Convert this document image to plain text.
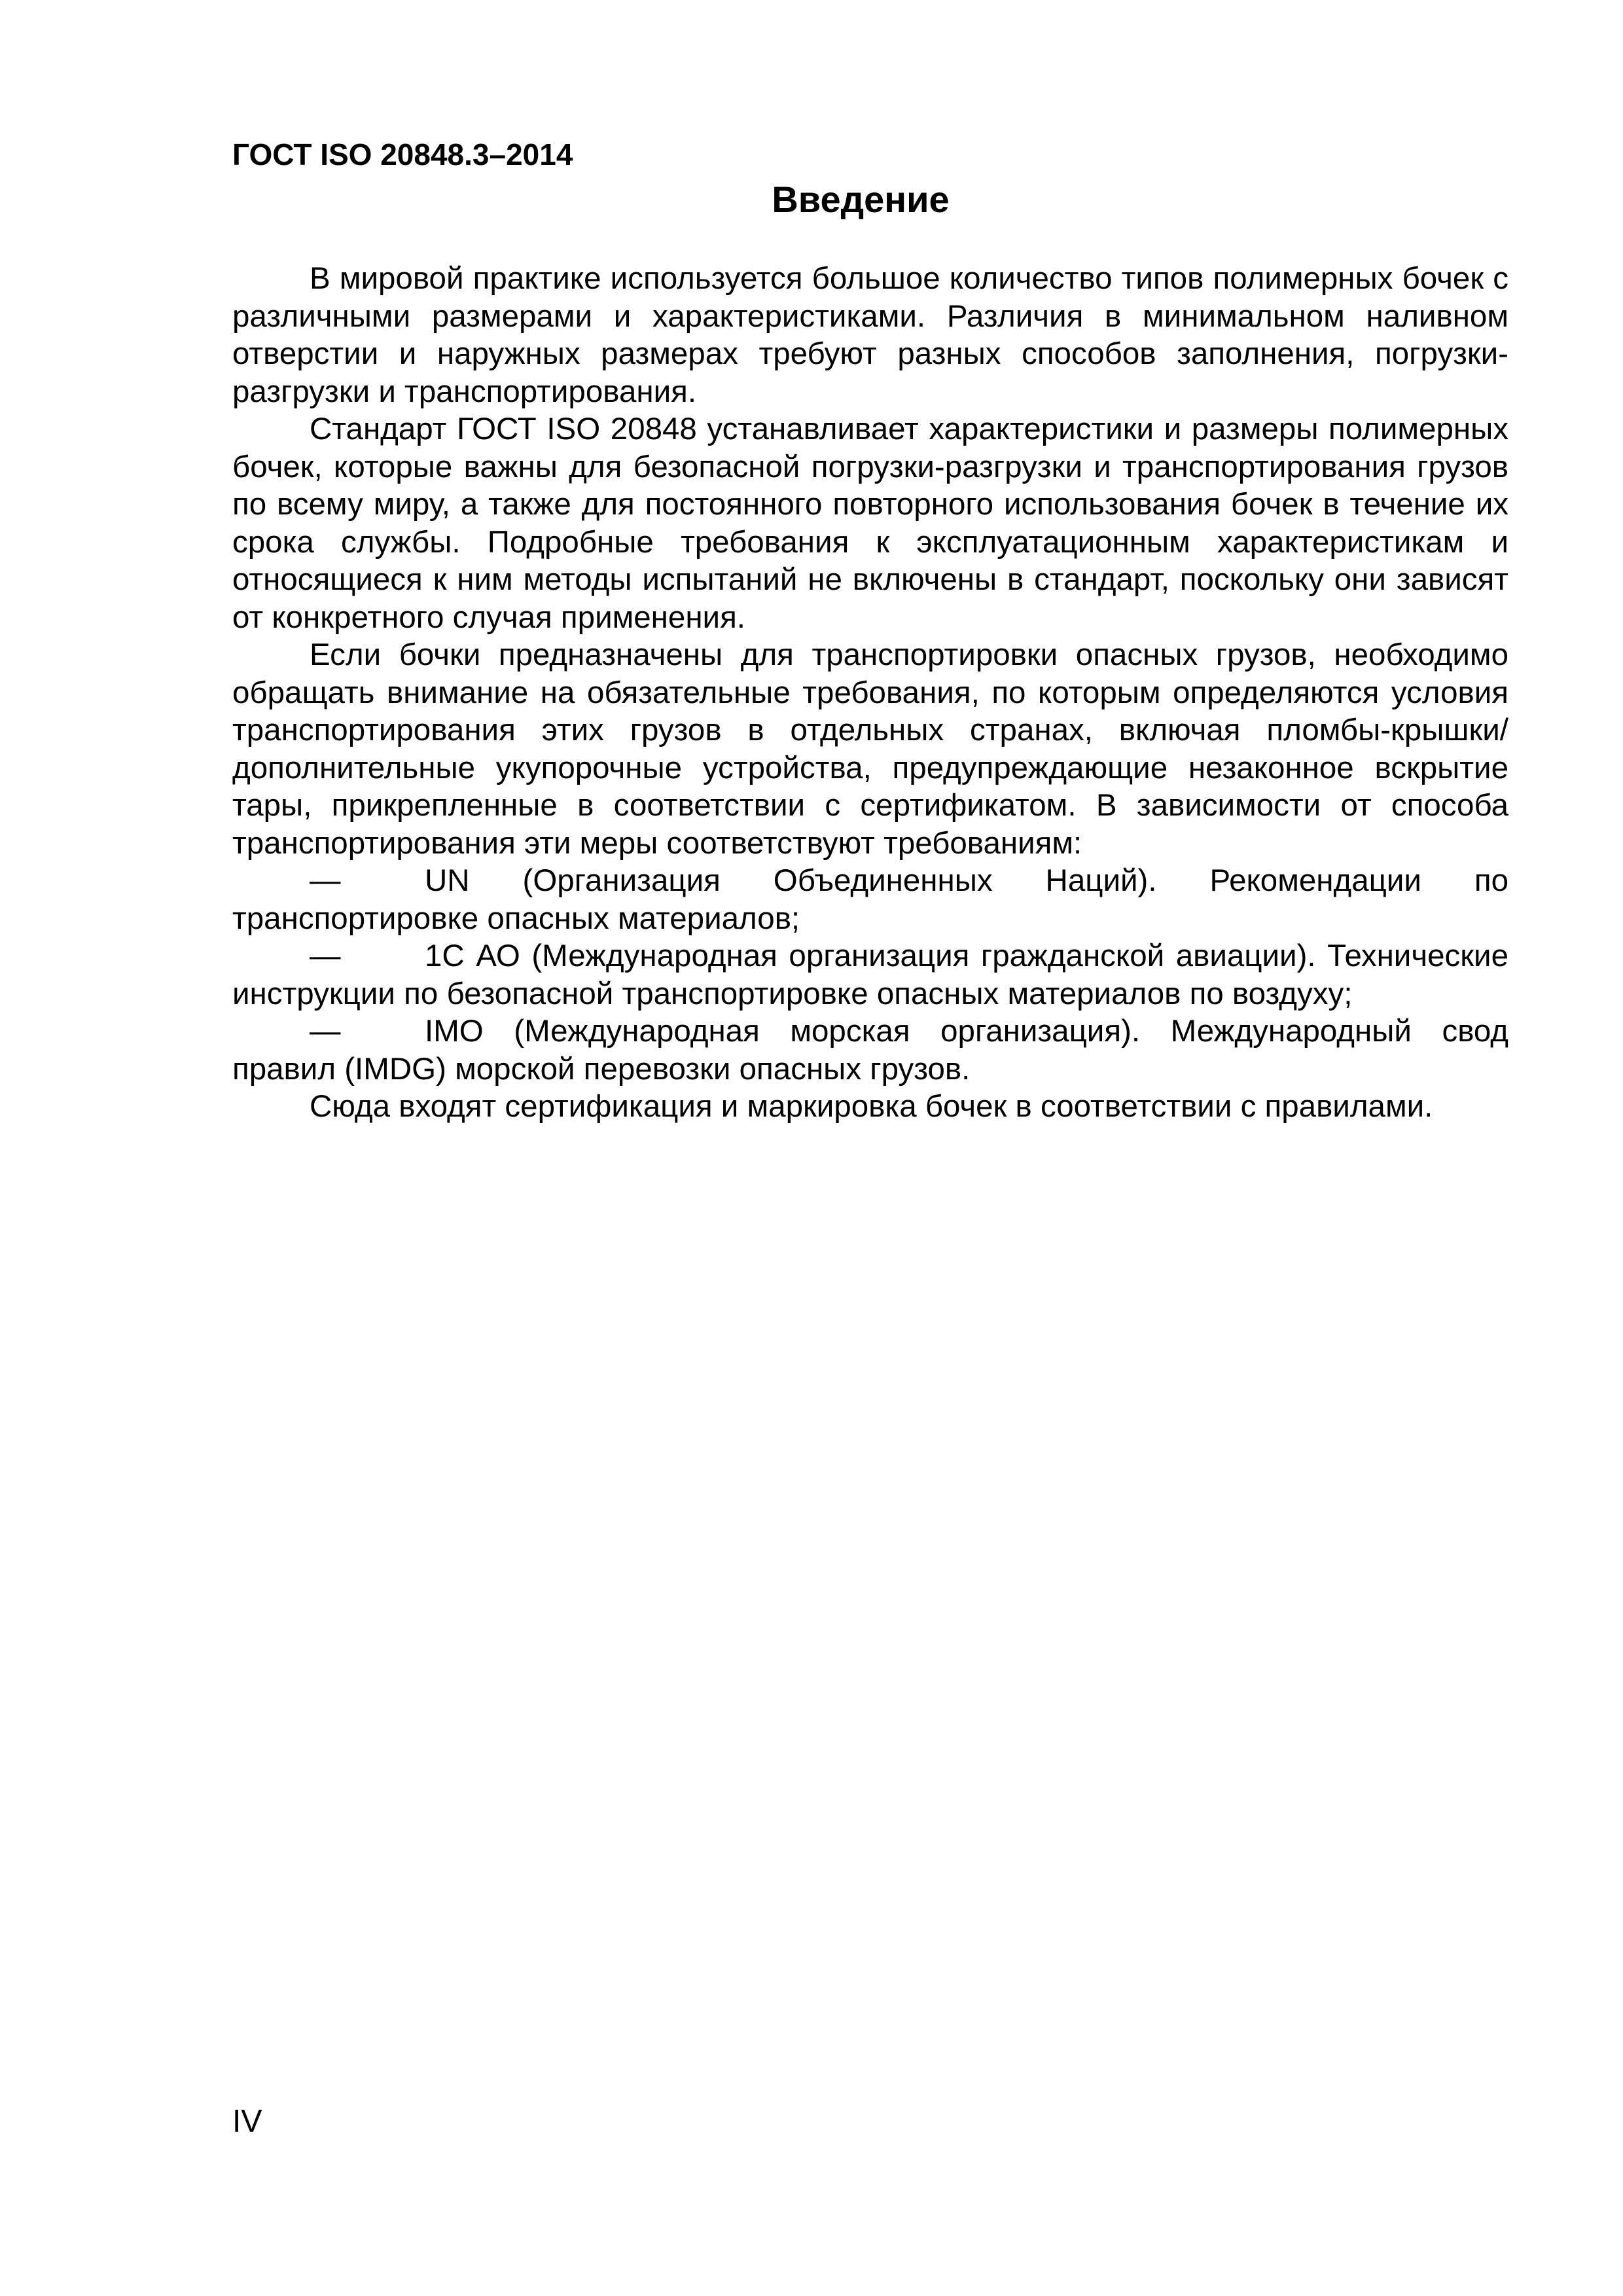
ГОСТ ISO 20848.3–2014
Введение

В мировой практике используется большое количество типов полимерных бочек с различными размерами и характеристиками. Различия в минимальном наливном отверстии и наружных размерах требуют разных способов заполнения, погрузки-разгрузки и транспортирования.

Стандарт ГОСТ ISO 20848 устанавливает характеристики и размеры полимерных бочек, которые важны для безопасной погрузки-разгрузки и транспортирования грузов по всему миру, а также для постоянного повторного использования бочек в течение их срока службы. Подробные требования к эксплуатационным характеристикам и относящиеся к ним методы испытаний не включены в стандарт, поскольку они зависят от конкретного случая применения.

Если бочки предназначены для транспортировки опасных грузов, необходимо обращать внимание на обязательные требования, по которым определяются условия транспортирования этих грузов в отдельных странах, включая пломбы-крышки/дополнительные укупорочные устройства, предупреждающие незаконное вскрытие тары, прикрепленные в соответствии с сертификатом. В зависимости от способа транспортирования эти меры соответствуют требованиям:

—	UN (Организация Объединенных Наций). Рекомендации по транспортировке опасных материалов;

—	1С АО (Международная организация гражданской авиации). Технические инструкции по безопасной транспортировке опасных материалов по воздуху;

—	IMO (Международная морская организация). Международный свод правил (IMDG) морской перевозки опасных грузов.

Сюда входят сертификация и маркировка бочек в соответствии с правилами.

IV
